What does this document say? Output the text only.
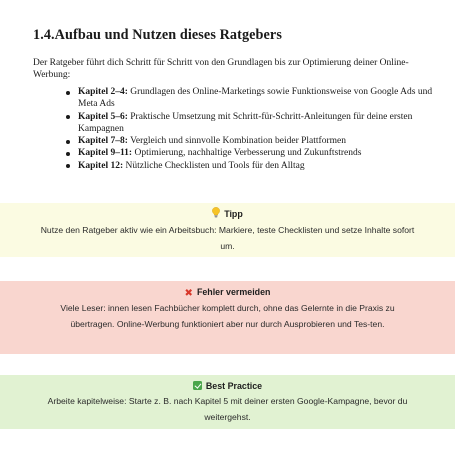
1.4.Aufbau und Nutzen dieses Ratgebers

Der Ratgeber führt dich Schritt für Schritt von den Grundlagen bis zur Optimierung deiner Online-Werbung:

Kapitel 2–4: Grundlagen des Online-Marketings sowie Funktionsweise von Google Ads und Meta Ads
Kapitel 5–6: Praktische Umsetzung mit Schritt-für-Schritt-Anleitungen für deine ersten Kampagnen
Kapitel 7–8: Vergleich und sinnvolle Kombination beider Plattformen
Kapitel 9–11: Optimierung, nachhaltige Verbesserung und Zukunftstrends
Kapitel 12: Nützliche Checklisten und Tools für den Alltag
Tipp
Nutze den Ratgeber aktiv wie ein Arbeitsbuch: Markiere, teste Checklisten und setze Inhalte sofort um.
✖ Fehler vermeiden
Viele Leser: innen lesen Fachbücher komplett durch, ohne das Gelernte in die Praxis zu übertragen. Online-Werbung funktioniert aber nur durch Ausprobieren und Tes-ten.
Best Practice
Arbeite kapitelweise: Starte z. B. nach Kapitel 5 mit deiner ersten Google-Kampagne, bevor du weitergehst.
